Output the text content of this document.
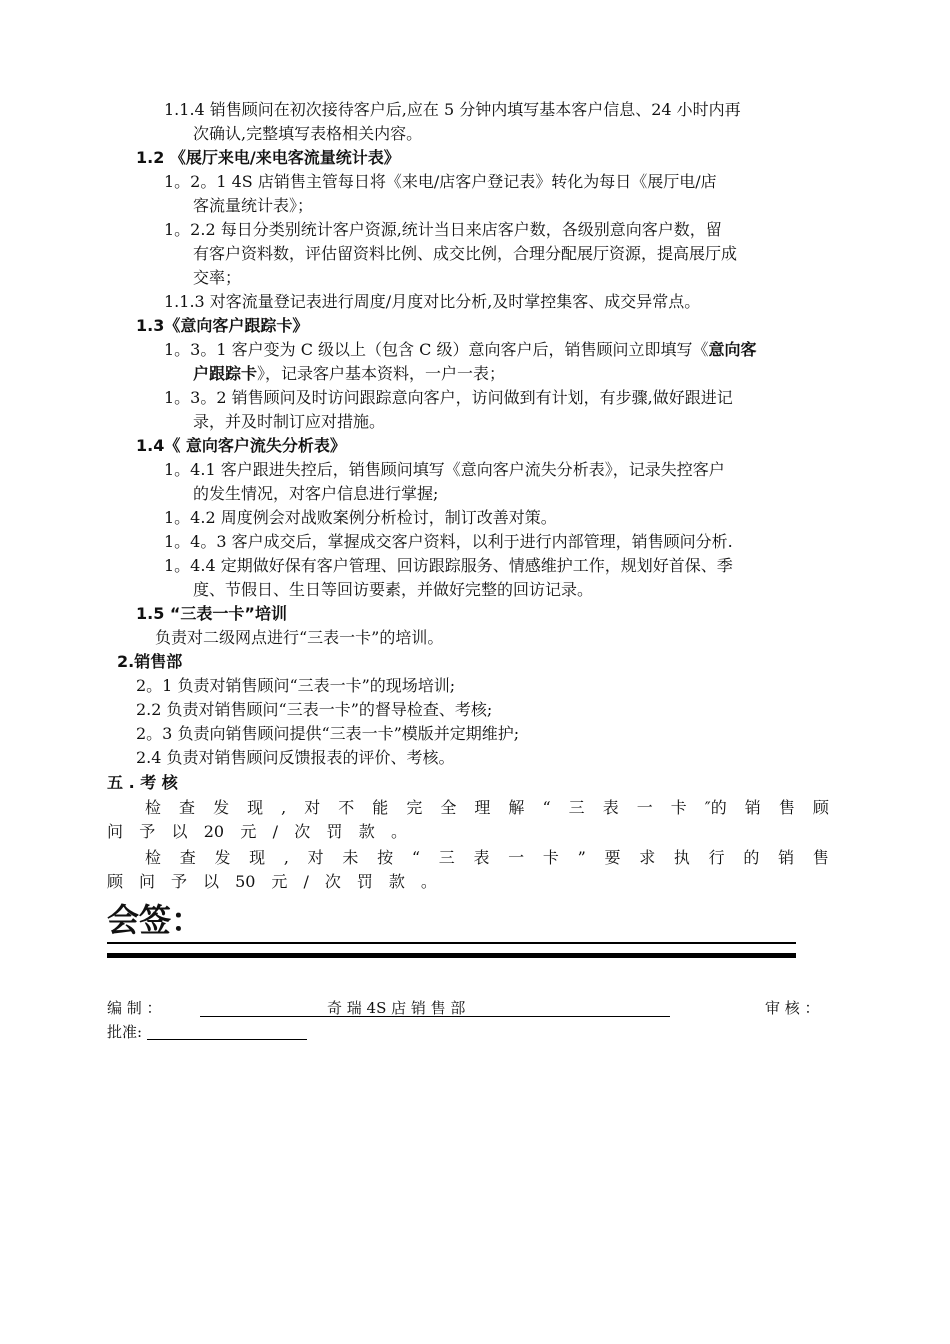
1.1.4 销售顾问在初次接待客户后,应在 5 分钟内填写基本客户信息、24 小时内再
次确认,完整填写表格相关内容。
1.2 《展厅来电/来电客流量统计表》
1。2。1 4S 店销售主管每日将《来电/店客户登记表》转化为每日《展厅电/店
客流量统计表》；
1。2.2 每日分类别统计客户资源,统计当日来店客户数，各级别意向客户数，留
有客户资料数，评估留资料比例、成交比例，合理分配展厅资源，提高展厅成
交率；
1.1.3 对客流量登记表进行周度/月度对比分析,及时掌控集客、成交异常点。
1.3《意向客户跟踪卡》
1。3。1 客户变为 C 级以上（包含 C 级）意向客户后，销售顾问立即填写《意向客
户跟踪卡》，记录客户基本资料，一户一表；
1。3。2 销售顾问及时访问跟踪意向客户，访问做到有计划，有步骤,做好跟进记
录，并及时制订应对措施。
1.4《 意向客户流失分析表》
1。4.1 客户跟进失控后，销售顾问填写《意向客户流失分析表》，记录失控客户
的发生情况，对客户信息进行掌握;
1。4.2 周度例会对战败案例分析检讨，制订改善对策。
1。4。3 客户成交后，掌握成交客户资料，以利于进行内部管理，销售顾问分析.
1。4.4 定期做好保有客户管理、回访跟踪服务、情感维护工作，规划好首保、季
度、节假日、生日等回访要素，并做好完整的回访记录。
1.5 “三表一卡”培训
负责对二级网点进行“三表一卡”的培训。
2.销售部
2。1 负责对销售顾问“三表一卡”的现场培训;
2.2 负责对销售顾问“三表一卡”的督导检查、考核;
2。3 负责向销售顾问提供“三表一卡”模版并定期维护;
2.4 负责对销售顾问反馈报表的评价、考核。
五 . 考 核
检 查 发 现 , 对 不 能 完 全 理 解 “ 三 表 一 卡 ″的 销 售 顾
问 予 以 20 元 / 次 罚 款 。
检 查 发 现 , 对 未 按 “ 三 表 一 卡 ” 要 求 执 行 的 销 售
顾 问 予 以 50 元 / 次 罚 款 。
会签：
编 制 ：	奇 瑞 4S 店 销 售 部	审 核 ：
批准:
